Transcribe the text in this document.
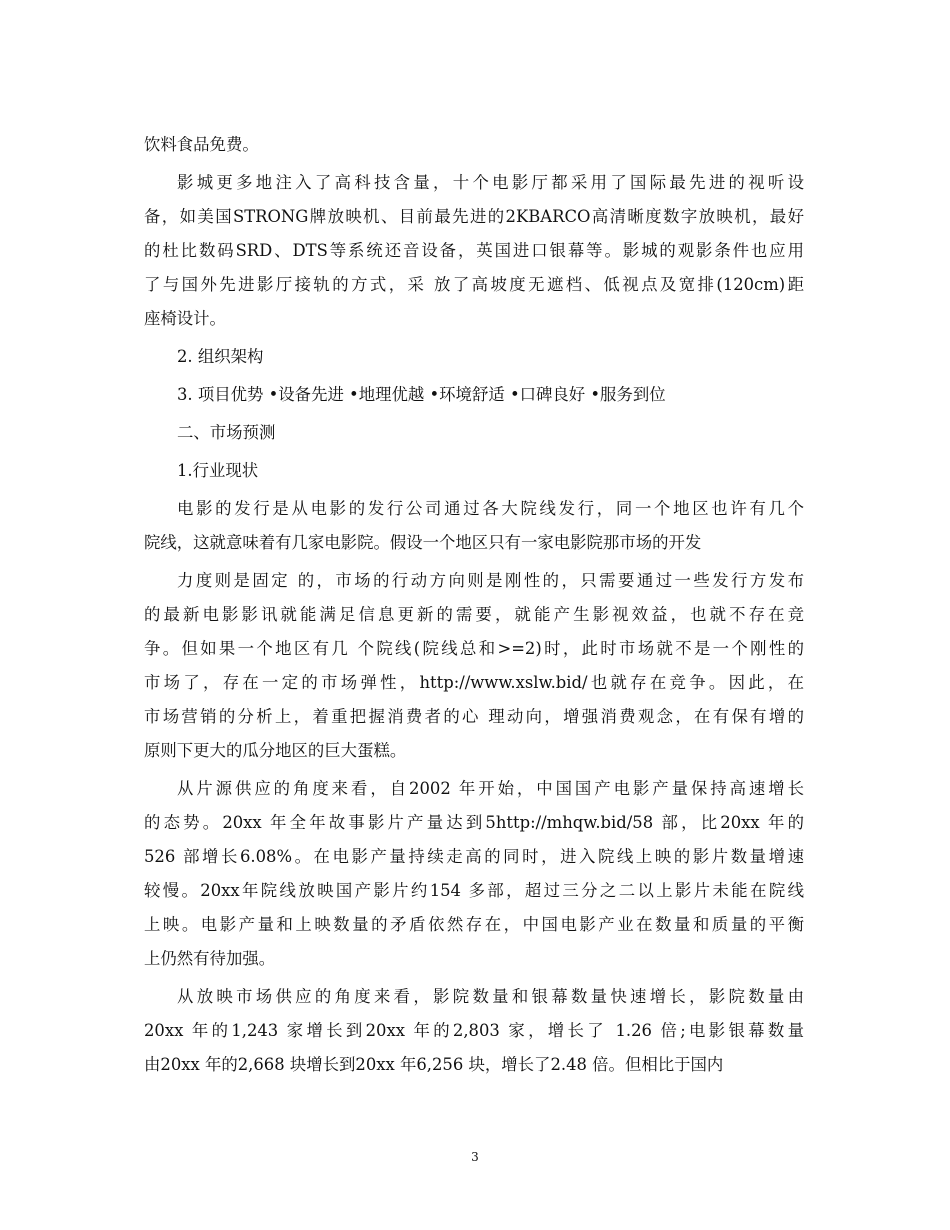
饮料食品免费。
影城更多地注入了高科技含量，十个电影厅都采用了国际最先进的视听设
备，如美国STRONG牌放映机、目前最先进的2KBARCO高清晰度数字放映机，最好
的杜比数码SRD、DTS等系统还音设备，英国进口银幕等。影城的观影条件也应用
了与国外先进影厅接轨的方式，采 放了高坡度无遮档、低视点及宽排(120cm)距
座椅设计。
2. 组织架构
3. 项目优势 •设备先进 •地理优越 •环境舒适 •口碑良好 •服务到位
二、市场预测
1.行业现状
电影的发行是从电影的发行公司通过各大院线发行，同一个地区也许有几个
院线，这就意味着有几家电影院。假设一个地区只有一家电影院那市场的开发
力度则是固定 的，市场的行动方向则是刚性的，只需要通过一些发行方发布
的最新电影影讯就能满足信息更新的需要，就能产生影视效益，也就不存在竞
争。但如果一个地区有几 个院线(院线总和>=2)时，此时市场就不是一个刚性的
市场了，存在一定的市场弹性，http://www.xslw.bid/也就存在竞争。因此，在
市场营销的分析上，着重把握消费者的心 理动向，增强消费观念，在有保有增的
原则下更大的瓜分地区的巨大蛋糕。
从片源供应的角度来看，自2002 年开始，中国国产电影产量保持高速增长
的态势。20xx 年全年故事影片产量达到5http://mhqw.bid/58 部，比20xx 年的
526 部增长6.08%。在电影产量持续走高的同时，进入院线上映的影片数量增速
较慢。20xx年院线放映国产影片约154 多部，超过三分之二以上影片未能在院线
上映。电影产量和上映数量的矛盾依然存在，中国电影产业在数量和质量的平衡
上仍然有待加强。
从放映市场供应的角度来看，影院数量和银幕数量快速增长，影院数量由
20xx 年的1,243 家增长到20xx 年的2,803 家，增长了 1.26 倍;电影银幕数量
由20xx 年的2,668 块增长到20xx 年6,256 块，增长了2.48 倍。但相比于国内
3
